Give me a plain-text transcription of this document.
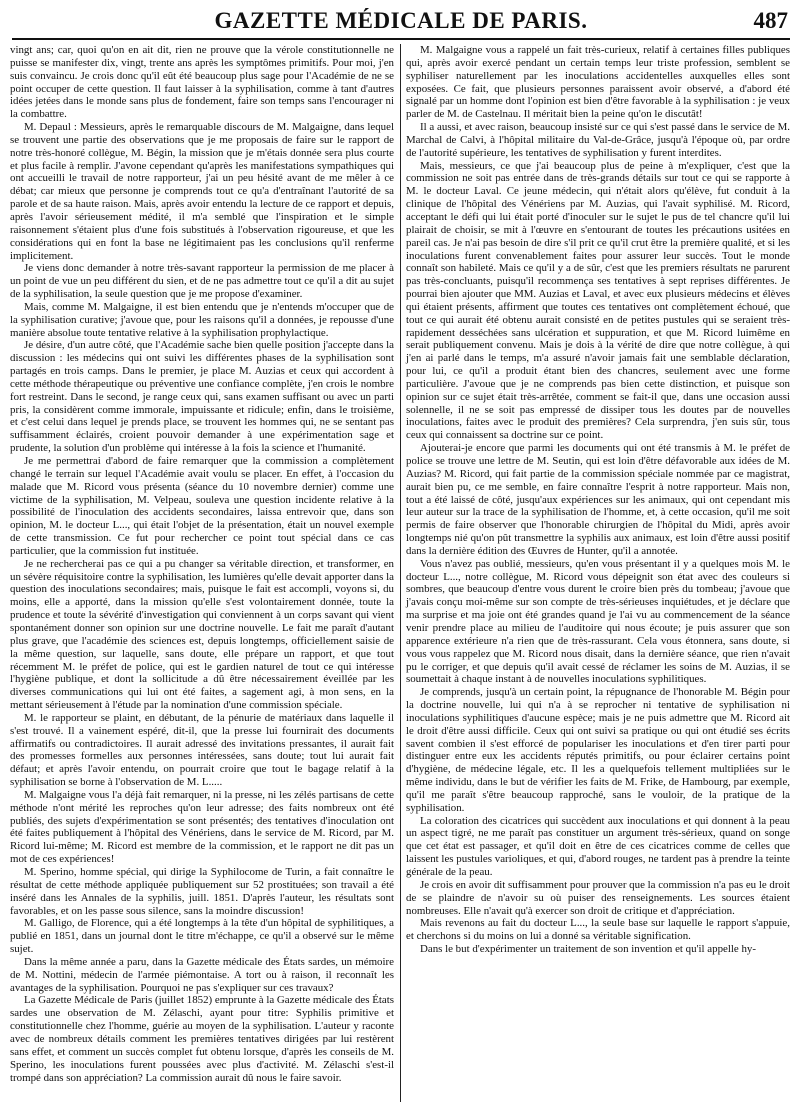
GAZETTE MÉDICALE DE PARIS.	487

vingt ans; car, quoi qu'on en ait dit, rien ne prouve que la vérole constitutionnelle ne puisse se manifester dix, vingt, trente ans après les symptômes primitifs. Pour moi, j'en suis convaincu. Je crois donc qu'il eût été beaucoup plus sage pour l'Académie de ne se point occuper de cette question. Il faut laisser à la syphilisation, comme à tant d'autres idées jetées dans le monde sans plus de fondement, faire son temps sans l'encourager ni la combattre.

M. Depaul : Messieurs, après le remarquable discours de M. Malgaigne, dans lequel se trouvent une partie des observations que je me proposais de faire sur le rapport de notre très-honoré collègue, M. Bégin, la mission que je m'étais donnée sera plus courte et plus facile à remplir. J'avone cependant qu'après les manifestations sympathiques qui ont accueilli le travail de notre rapporteur, j'ai un peu hésité avant de me mêler à ce débat; car mieux que personne je comprends tout ce qu'a d'entraînant l'autorité de sa parole et de sa haute raison. Mais, après avoir entendu la lecture de ce rapport et depuis, après l'avoir sérieusement médité, il m'a semblé que l'inspiration et le simple raisonnement s'étaient plus d'une fois substitués à l'observation rigoureuse, et que les considérations qui en font la base ne légitimaient pas les conclusions qu'il renferme implicitement.

Je viens donc demander à notre très-savant rapporteur la permission de me placer à un point de vue un peu différent du sien, et de ne pas admettre tout ce qu'il a dit au sujet de la syphilisation, la seule question que je me propose d'examiner.

Mais, comme M. Malgaigne, il est bien entendu que je n'entends m'occuper que de la syphilisation curative; j'avoue que, pour les raisons qu'il a données, je repousse d'une manière absolue toute tentative relative à la syphilisation prophylactique.

Je désire, d'un autre côté, que l'Académie sache bien quelle position j'accepte dans la discussion : les médecins qui ont suivi les différentes phases de la syphilisation sont partagés en trois camps. Dans le premier, je place M. Auzias et ceux qui accordent à cette méthode thérapeutique ou préventive une confiance complète, j'en crois le nombre fort restreint. Dans le second, je range ceux qui, sans examen suffisant ou avec un parti pris, la considèrent comme immorale, impuissante et ridicule; enfin, dans le troisième, et c'est celui dans lequel je prends place, se trouvent les hommes qui, ne se sentant pas suffisamment éclairés, croient pouvoir demander à une expérimentation sage et prudente, la solution d'un problème qui intéresse à la fois la science et l'humanité.

Je me permettrai d'abord de faire remarquer que la commission a complètement changé le terrain sur lequel l'Académie avait voulu se placer. En effet, à l'occasion du malade que M. Ricord vous présenta (séance du 10 novembre dernier) comme une victime de la syphilisation, M. Velpeau, souleva une question incidente relative à la possibilité de l'inoculation des accidents secondaires, laissa entrevoir que, dans son opinion, M. le docteur L..., qui était l'objet de la présentation, était un nouvel exemple de cette transmission. Ce fut pour rechercher ce point tout spécial dans ce cas particulier, que la commission fut instituée.

Je ne rechercherai pas ce qui a pu changer sa véritable direction, et transformer, en un sévère réquisitoire contre la syphilisation, les lumières qu'elle devait apporter dans la question des inoculations secondaires; mais, puisque le fait est accompli, voyons si, du moins, elle a apporté, dans la mission qu'elle s'est volontairement donnée, toute la prudence et toute la sévérité d'investigation qui conviennent à un corps savant qui vient spontanément donner son opinion sur une doctrine nouvelle. Le fait me paraît d'autant plus grave, que l'académie des sciences est, depuis longtemps, officiellement saisie de la même question, sur laquelle, sans doute, elle prépare un rapport, et que tout récemment M. le préfet de police, qui est le gardien naturel de tout ce qui intéresse l'hygiène publique, et dont la sollicitude a dû être nécessairement éveillée par les diverses communications qui lui ont été faites, a sagement agi, à mon sens, en la mettant sérieusement à l'étude par la nomination d'une commission spéciale.

M. le rapporteur se plaint, en débutant, de la pénurie de matériaux dans laquelle il s'est trouvé. Il a vainement espéré, dit-il, que la presse lui fournirait des documents affirmatifs ou contradictoires. Il aurait adressé des invitations pressantes, il aurait fait des promesses formelles aux personnes intéressées, sans doute; tout lui aurait fait défaut; et après l'avoir entendu, on pourrait croire que tout le bagage relatif à la syphilisation se borne à l'observation de M. L.....

M. Malgaigne vous l'a déjà fait remarquer, ni la presse, ni les zélés partisans de cette méthode n'ont mérité les reproches qu'on leur adresse; des faits nombreux ont été publiés, des sujets d'expérimentation se sont présentés; des tentatives d'inoculation ont été faites publiquement à l'hôpital des Vénériens, dans le service de M. Ricord, par M. Ricord lui-même; M. Ricord est membre de la commission, et le rapport ne dit pas un mot de ces expériences!

M. Sperino, homme spécial, qui dirige la Syphilocome de Turin, a fait connaître le résultat de cette méthode appliquée publiquement sur 52 prostituées; son travail a été inséré dans les Annales de la syphilis, juill. 1851. D'après l'auteur, les résultats sont favorables, et on les passe sous silence, sans la moindre discussion!

M. Galligo, de Florence, qui a été longtemps à la tête d'un hôpital de syphilitiques, a publié en 1851, dans un journal dont le titre m'échappe, ce qu'il a observé sur le même sujet.

Dans la même année a paru, dans la Gazette médicale des États sardes, un mémoire de M. Nottini, médecin de l'armée piémontaise. A tort ou à raison, il reconnaît les avantages de la syphilisation. Pourquoi ne pas s'expliquer sur ces travaux?

La Gazette Médicale de Paris (juillet 1852) emprunte à la Gazette médicale des États sardes une observation de M. Zélaschi, ayant pour titre: Syphilis primitive et constitutionnelle chez l'homme, guérie au moyen de la syphilisation. L'auteur y raconte avec de nombreux détails comment les premières tentatives dirigées par lui restèrent sans effet, et comment un succès complet fut obtenu lorsque, d'après les conseils de M. Sperino, les inoculations furent poussées avec plus d'activité. M. Zélaschi s'est-il trompé dans son appréciation? La commission aurait dû nous le faire savoir.

M. Malgaigne vous a rappelé un fait très-curieux, relatif à certaines filles publiques qui, après avoir exercé pendant un certain temps leur triste profession, semblent se syphiliser naturellement par les inoculations accidentelles auxquelles elles sont exposées. Ce fait, que plusieurs personnes paraissent avoir observé, a d'abord été signalé par un homme dont l'opinion est bien d'être favorable à la syphilisation : je veux parler de M. de Castelnau. Il méritait bien la peine qu'on le discutât!

Il a aussi, et avec raison, beaucoup insisté sur ce qui s'est passé dans le service de M. Marchal de Calvi, à l'hôpital militaire du Val-de-Grâce, jusqu'à l'époque où, par ordre de l'autorité supérieure, les tentatives de syphilisation y furent interdites.

Mais, messieurs, ce que j'ai beaucoup plus de peine à m'expliquer, c'est que la commission ne soit pas entrée dans de très-grands détails sur tout ce qui se rapporte à M. le docteur Laval. Ce jeune médecin, qui n'était alors qu'élève, fut conduit à la clinique de l'hôpital des Vénériens par M. Auzias, qui l'avait syphilisé. M. Ricord, acceptant le défi qui lui était porté d'inoculer sur le sujet le pus de tel chancre qu'il lui plairait de choisir, se mit à l'œuvre en s'entourant de toutes les précautions usitées en pareil cas. Je n'ai pas besoin de dire s'il prit ce qu'il crut être la première qualité, et si les inoculations furent convenablement faites pour assurer leur succès. Tout le monde connaît son habileté. Mais ce qu'il y a de sûr, c'est que les premiers résultats ne parurent pas très-concluants, puisqu'il recommença ses tentatives à sept reprises différentes. Je pourrai bien ajouter que MM. Auzias et Laval, et avec eux plusieurs médecins et élèves qui étaient présents, affirment que toutes ces tentatives ont complètement échoué, que tout ce qui aurait été obtenu aurait consisté en de petites pustules qui se seraient très-rapidement desséchées sans ulcération et suppuration, et que M. Ricord luimême en serait publiquement convenu. Mais je dois à la vérité de dire que notre collègue, à qui j'en ai parlé dans le temps, m'a assuré n'avoir jamais fait une semblable déclaration, pour lui, ce qu'il a produit étant bien des chancres, seulement avec une forme particulière. J'avoue que je ne comprends pas bien cette distinction, et puisque son opinion sur ce sujet était très-arrêtée, comment se fait-il que, dans une occasion aussi solennelle, il ne se soit pas empressé de dissiper tous les doutes par de nouvelles inoculations, faites avec le produit des premières? Cela surprendra, j'en suis sûr, tous ceux qui connaissent sa doctrine sur ce point.

Ajouterai-je encore que parmi les documents qui ont été transmis à M. le préfet de police se trouve une lettre de M. Seutin, qui est loin d'être défavorable aux idées de M. Auzias? M. Ricord, qui fait partie de la commission spéciale nommée par ce magistrat, aurait bien pu, ce me semble, en faire connaître l'esprit à notre rapporteur. Mais non, tout a été laissé de côté, jusqu'aux expériences sur les animaux, qui ont cependant mis leur auteur sur la trace de la syphilisation de l'homme, et, à cette occasion, qu'il me soit permis de faire observer que l'honorable chirurgien de l'hôpital du Midi, après avoir longtemps nié qu'on pût transmettre la syphilis aux animaux, est loin d'être aussi positif dans la dernière édition des Œuvres de Hunter, qu'il a annotée.

Vous n'avez pas oublié, messieurs, qu'en vous présentant il y a quelques mois M. le docteur L..., notre collègue, M. Ricord vous dépeignit son état avec des couleurs si sombres, que beaucoup d'entre vous durent le croire bien près du tombeau; j'avoue que j'avais conçu moi-même sur son compte de très-sérieuses inquiétudes, et je déclare que ma surprise et ma joie ont été grandes quand je l'ai vu au commencement de la séance venir prendre place au milieu de l'auditoire qui nous écoute; je puis assurer que son apparence extérieure n'a rien que de très-rassurant. Cela vous étonnera, sans doute, si vous vous rappelez que M. Ricord nous disait, dans la dernière séance, que rien n'avait pu le corriger, et que depuis qu'il avait cessé de réclamer les soins de M. Auzias, il se soumettait à chaque instant à de nouvelles inoculations syphilitiques.

Je comprends, jusqu'à un certain point, la répugnance de l'honorable M. Bégin pour la doctrine nouvelle, lui qui n'a à se reprocher ni tentative de syphilisation ni inoculations syphilitiques d'aucune espèce; mais je ne puis admettre que M. Ricord ait le droit d'être aussi difficile. Ceux qui ont suivi sa pratique ou qui ont étudié ses écrits savent combien il s'est efforcé de populariser les inoculations et d'en tirer parti pour distinguer entre eux les accidents réputés primitifs, ou pour éclairer certains point d'hygiène, de médecine légale, etc. Il les a quelquefois tellement multipliées sur le même individu, dans le but de vérifier les faits de M. Frike, de Hambourg, par exemple, qu'il me paraît s'être beaucoup rapproché, sans le vouloir, de la pratique de la syphilisation.

La coloration des cicatrices qui succèdent aux inoculations et qui donnent à la peau un aspect tigré, ne me paraît pas constituer un argument très-sérieux, quand on songe que cet état est passager, et qu'il doit en être de ces cicatrices comme de celles que laissent les pustules varioliques, et qui, d'abord rouges, ne tardent pas à prendre la teinte générale de la peau.

Je crois en avoir dit suffisamment pour prouver que la commission n'a pas eu le droit de se plaindre de n'avoir su où puiser des renseignements. Les sources étaient nombreuses. Elle n'avait qu'à exercer son droit de critique et d'appréciation.

Mais revenons au fait du docteur L..., la seule base sur laquelle le rapport s'appuie, et cherchons si du moins on lui a donné sa véritable signification.

Dans le but d'expérimenter un traitement de son invention et qu'il appelle hy-
